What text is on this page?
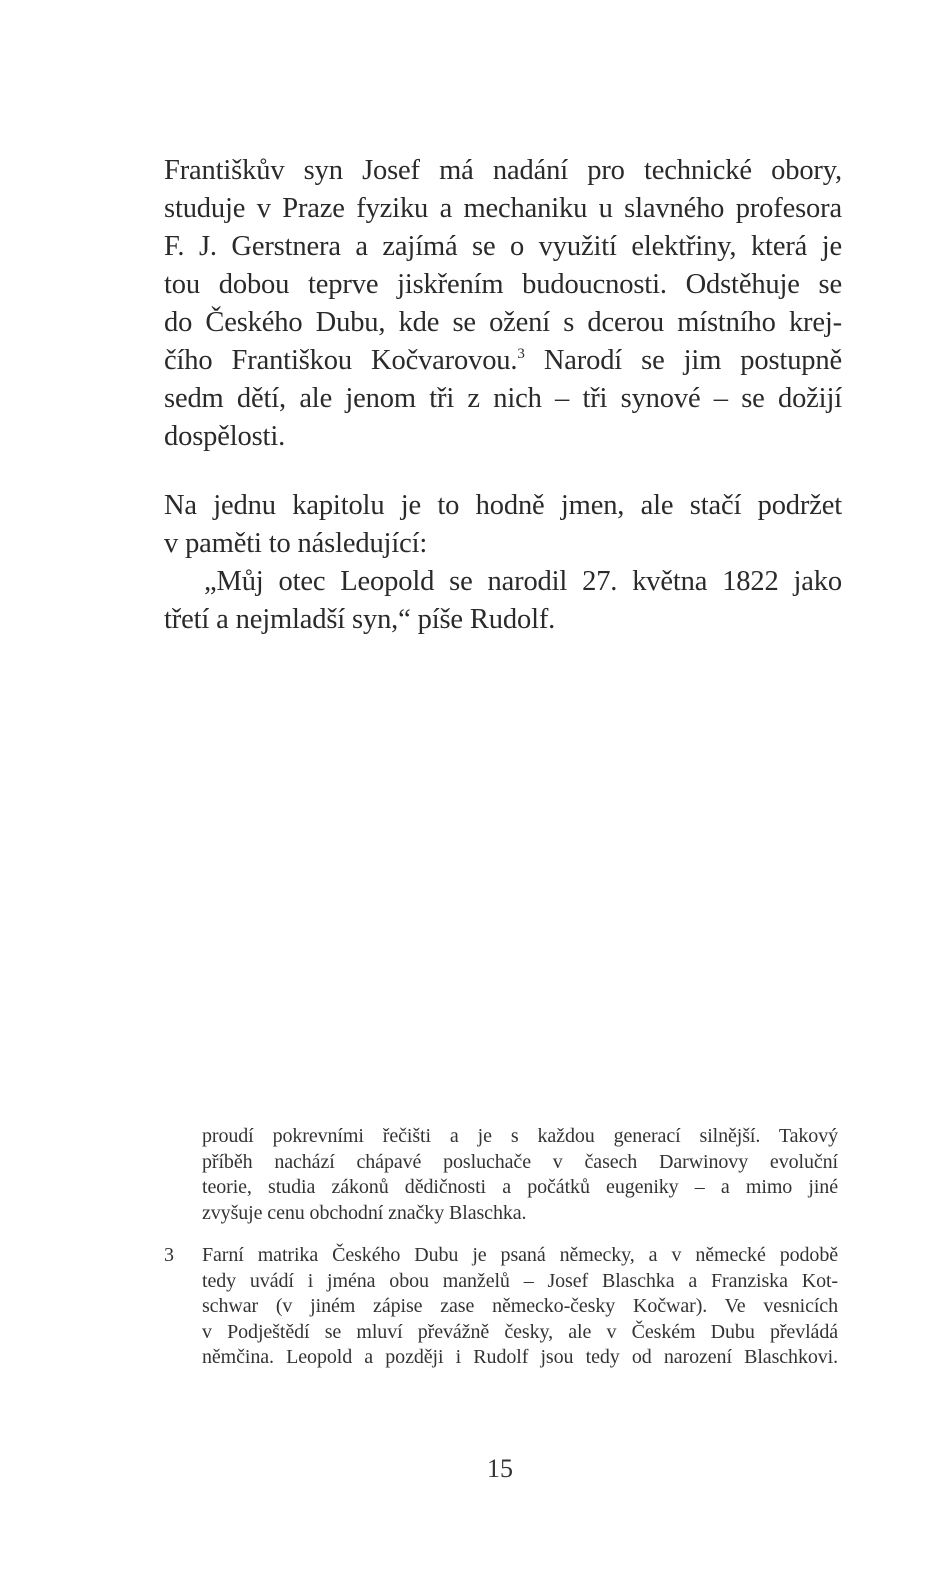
Františkův syn Josef má nadání pro technické obory,
studuje v Praze fyziku a mechaniku u slavného profesora
F. J. Gerstnera a zajímá se o využití elektřiny, která je
tou dobou teprve jiskřením budoucnosti. Odstěhuje se
do Českého Dubu, kde se ožení s dcerou místního krej-
čího Františkou Kočvarovou.$^3$ Narodí se jim postupně
sedm dětí, ale jenom tři z nich – tři synové – se dožijí
dospělosti.
Na jednu kapitolu je to hodně jmen, ale stačí podržet
v paměti to následující:
„Můj otec Leopold se narodil 27. května 1822 jako
třetí a nejmladší syn,“ píše Rudolf.
proudí pokrevními řečišti a je s každou generací silnější. Takový
příběh nachází chápavé posluchače v časech Darwinovy evoluční
teorie, studia zákonů dědičnosti a počátků eugeniky – a mimo jiné
zvyšuje cenu obchodní značky Blaschka.
3 Farní matrika Českého Dubu je psaná německy, a v německé podobě
tedy uvádí i jména obou manželů – Josef Blaschka a Franziska Kot-
schwar (v jiném zápise zase německo-česky Kočwar). Ve vesnicích
v Podještědí se mluví převážně česky, ale v Českém Dubu převládá
němčina. Leopold a později i Rudolf jsou tedy od narození Blaschkovi.
15
